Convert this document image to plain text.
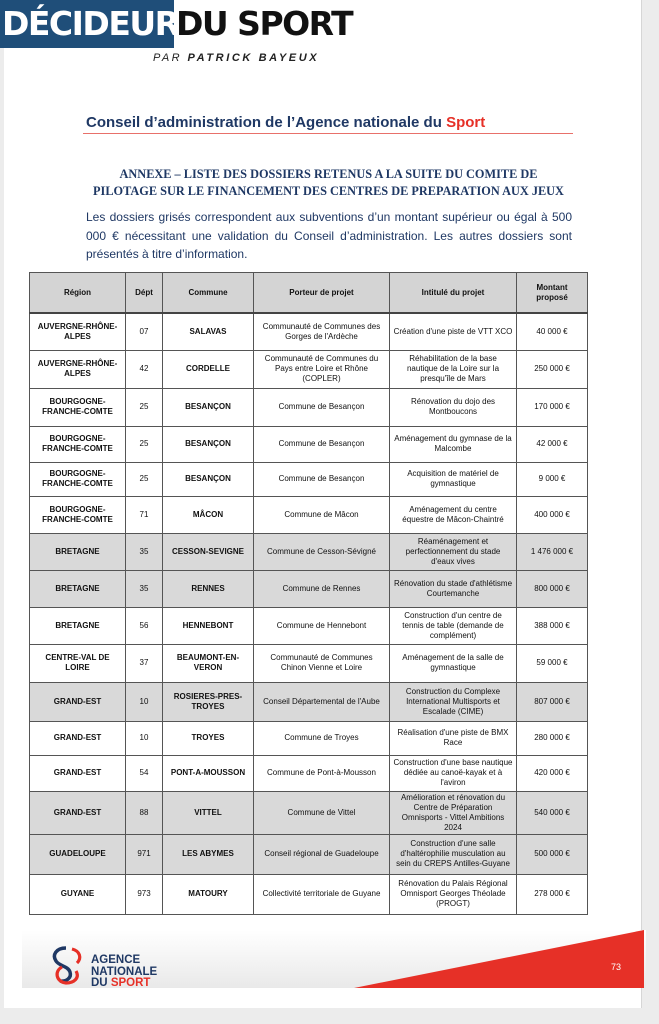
DÉCIDEURS
DU SPORT
PAR PATRICK BAYEUX
Conseil d’administration de l’Agence nationale du Sport
ANNEXE – LISTE DES DOSSIERS RETENUS A LA SUITE DU COMITE DE
PILOTAGE SUR LE FINANCEMENT DES CENTRES DE PREPARATION AUX JEUX
Les dossiers grisés correspondent aux subventions d’un montant supérieur ou égal à 500 000 € nécessitant une validation du Conseil d’administration. Les autres dossiers sont présentés à titre d’information.
Région	Dépt	Commune	Porteur de projet	Intitulé du projet	Montant proposé
AUVERGNE-RHÔNE-ALPES	07	SALAVAS	Communauté de Communes des Gorges de l'Ardèche	Création d'une piste de VTT XCO	40 000 €
AUVERGNE-RHÔNE-ALPES	42	CORDELLE	Communauté de Communes du Pays entre Loire et Rhône (COPLER)	Réhabilitation de la base nautique de la Loire sur la presqu'île de Mars	250 000 €
BOURGOGNE-FRANCHE-COMTE	25	BESANÇON	Commune de Besançon	Rénovation du dojo des Montboucons	170 000 €
BOURGOGNE-FRANCHE-COMTE	25	BESANÇON	Commune de Besançon	Aménagement du gymnase de la Malcombe	42 000 €
BOURGOGNE-FRANCHE-COMTE	25	BESANÇON	Commune de Besançon	Acquisition de matériel de gymnastique	9 000 €
BOURGOGNE-FRANCHE-COMTE	71	MÂCON	Commune de Mâcon	Aménagement du centre équestre de Mâcon-Chaintré	400 000 €
BRETAGNE	35	CESSON-SEVIGNE	Commune de Cesson-Sévigné	Réaménagement et perfectionnement du stade d'eaux vives	1 476 000 €
BRETAGNE	35	RENNES	Commune de Rennes	Rénovation du stade d'athlétisme Courtemanche	800 000 €
BRETAGNE	56	HENNEBONT	Commune de Hennebont	Construction d'un centre de tennis de table (demande de complément)	388 000 €
CENTRE-VAL DE LOIRE	37	BEAUMONT-EN-VERON	Communauté de Communes Chinon Vienne et Loire	Aménagement de la salle de gymnastique	59 000 €
GRAND-EST	10	ROSIERES-PRES-TROYES	Conseil Départemental de l'Aube	Construction du Complexe International Multisports et Escalade (CIME)	807 000 €
GRAND-EST	10	TROYES	Commune de Troyes	Réalisation d'une piste de BMX Race	280 000 €
GRAND-EST	54	PONT-A-MOUSSON	Commune de Pont-à-Mousson	Construction d'une base nautique dédiée au canoë-kayak et à l'aviron	420 000 €
GRAND-EST	88	VITTEL	Commune de Vittel	Amélioration et rénovation du Centre de Préparation Omnisports - Vittel Ambitions 2024	540 000 €
GUADELOUPE	971	LES ABYMES	Conseil régional de Guadeloupe	Construction d'une salle d'haltérophilie musculation au sein du CREPS Antilles-Guyane	500 000 €
GUYANE	973	MATOURY	Collectivité territoriale de Guyane	Rénovation du Palais Régional Omnisport Georges Théolade (PROGT)	278 000 €
AGENCE
NATIONALE
DU SPORT
73
